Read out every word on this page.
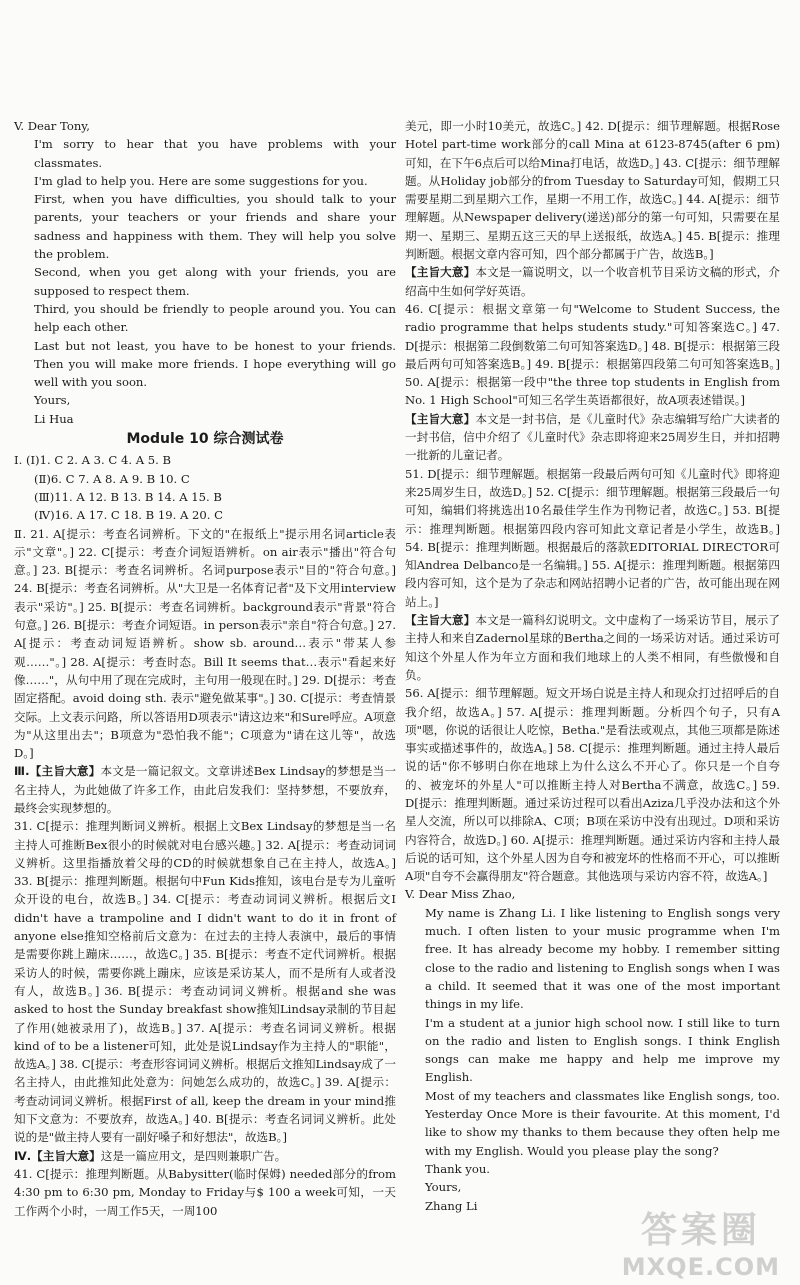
V. Dear Tony,

I'm sorry to hear that you have problems with your classmates.

I'm glad to help you. Here are some suggestions for you.

First, when you have difficulties, you should talk to your parents, your teachers or your friends and share your sadness and happiness with them. They will help you solve the problem.

Second, when you get along with your friends, you are supposed to respect them.

Third, you should be friendly to people around you. You can help each other.

Last but not least, you have to be honest to your friends. Then you will make more friends. I hope everything will go well with you soon.

Yours,

Li Hua

Module 10 综合测试卷

I. (Ⅰ)1. C 2. A 3. C 4. A 5. B

(Ⅱ)6. C 7. A 8. A 9. B 10. C

(Ⅲ)11. A 12. B 13. B 14. A 15. B

(Ⅳ)16. A 17. C 18. B 19. A 20. C

Ⅱ. 21. A[提示：考查名词辨析。下文的"在报纸上"提示用名词article表示"文章"。] 22. C[提示：考查介词短语辨析。on air表示"播出"符合句意。] 23. B[提示：考查名词辨析。名词purpose表示"目的"符合句意。] 24. B[提示：考查名词辨析。从"大卫是一名体育记者"及下文用interview表示"采访"。] 25. B[提示：考查名词辨析。background表示"背景"符合句意。] 26. B[提示：考查介词短语。in person表示"亲自"符合句意。] 27. A[提示：考查动词短语辨析。show sb. around…表示"带某人参观……"。] 28. A[提示：考查时态。Bill It seems that…表示"看起来好像……"，从句中用了现在完成时，主句用一般现在时。] 29. D[提示：考查固定搭配。avoid doing sth. 表示"避免做某事"。] 30. C[提示：考查情景交际。上文表示问路，所以答语用D项表示"请这边来"和Sure呼应。A项意为"从这里出去"；B项意为"恐怕我不能"；C项意为"请在这儿等"，故选D。]

Ⅲ.【主旨大意】本文是一篇记叙文。文章讲述Bex Lindsay的梦想是当一名主持人，为此她做了许多工作，由此启发我们：坚持梦想，不要放弃，最终会实现梦想的。

31. C[提示：推理判断词义辨析。根据上文Bex Lindsay的梦想是当一名主持人可推断Bex很小的时候就对电台感兴趣。] 32. A[提示：考查动词词义辨析。这里指播放着父母的CD的时候就想象自己在主持人，故选A。] 33. B[提示：推理判断题。根据句中Fun Kids推知，该电台是专为儿童听众开设的电台，故选B。] 34. C[提示：考查动词词义辨析。根据后文I didn't have a trampoline and I didn't want to do it in front of anyone else推知空格前后文意为：在过去的主持人表演中，最后的事情是需要你跳上蹦床……，故选C。] 35. B[提示：考查不定代词辨析。根据采访人的时候，需要你跳上蹦床，应该是采访某人，而不是所有人或者没有人，故选B。] 36. B[提示：考查动词词义辨析。根据and she was asked to host the Sunday breakfast show推知Lindsay录制的节目起了作用(她被录用了)，故选B。] 37. A[提示：考查名词词义辨析。根据kind of to be a listener可知，此处是说Lindsay作为主持人的"职能"，故选A。] 38. C[提示：考查形容词词义辨析。根据后文推知Lindsay成了一名主持人，由此推知此处意为：问她怎么成功的，故选C。] 39. A[提示：考查动词词义辨析。根据First of all, keep the dream in your mind推知下文意为：不要放弃，故选A。] 40. B[提示：考查名词词义辨析。此处说的是"做主持人要有一副好嗓子和好想法"，故选B。]

Ⅳ.【主旨大意】这是一篇应用文，是四则兼职广告。

41. C[提示：推理判断题。从Babysitter(临时保姆) needed部分的from 4:30 pm to 6:30 pm, Monday to Friday与$ 100 a week可知，一天工作两个小时，一周工作5天，一周100

美元，即一小时10美元，故选C。] 42. D[提示：细节理解题。根据Rose Hotel part-time work部分的call Mina at 6123-8745(after 6 pm)可知，在下午6点后可以给Mina打电话，故选D。] 43. C[提示：细节理解题。从Holiday job部分的from Tuesday to Saturday可知，假期工只需要星期二到星期六工作，星期一不用工作，故选C。] 44. A[提示：细节理解题。从Newspaper delivery(递送)部分的第一句可知，只需要在星期一、星期三、星期五这三天的早上送报纸，故选A。] 45. B[提示：推理判断题。根据文章内容可知，四个部分都属于广告，故选B。]

【主旨大意】本文是一篇说明文，以一个收音机节目采访文稿的形式，介绍高中生如何学好英语。

46. C[提示：根据文章第一句"Welcome to Student Success, the radio programme that helps students study."可知答案选C。] 47. D[提示：根据第二段倒数第二句可知答案选D。] 48. B[提示：根据第三段最后两句可知答案选B。] 49. B[提示：根据第四段第二句可知答案选B。] 50. A[提示：根据第一段中"the three top students in English from No. 1 High School"可知三名学生英语都很好，故A项表述错误。]

【主旨大意】本文是一封书信，是《儿童时代》杂志编辑写给广大读者的一封书信，信中介绍了《儿童时代》杂志即将迎来25周岁生日，并扣招聘一批新的儿童记者。

51. D[提示：细节理解题。根据第一段最后两句可知《儿童时代》即将迎来25周岁生日，故选D。] 52. C[提示：细节理解题。根据第三段最后一句可知，编辑们将挑选出10名最佳学生作为刊物记者，故选C。] 53. B[提示：推理判断题。根据第四段内容可知此文章记者是小学生，故选B。] 54. B[提示：推理判断题。根据最后的落款EDITORIAL DIRECTOR可知Andrea Delbanco是一名编辑。] 55. A[提示：推理判断题。根据第四段内容可知，这个是为了杂志和网站招聘小记者的广告，故可能出现在网站上。]

【主旨大意】本文是一篇科幻说明文。文中虚构了一场采访节目，展示了主持人和来自Zadernol星球的Bertha之间的一场采访对话。通过采访可知这个外星人作为年立方面和我们地球上的人类不相同，有些傲慢和自负。

56. A[提示：细节理解题。短文开场白说是主持人和现众打过招呼后的自我介绍，故选A。] 57. A[提示：推理判断题。分析四个句子，只有A项"嗯，你说的话很让人吃惊，Betha."是看法或观点，其他三项都是陈述事实或描述事件的，故选A。] 58. C[提示：推理判断题。通过主持人最后说的话"你不够明白你在地球上为什么这么不开心了。你只是一个自夸的、被宠坏的外星人"可以推断主持人对Bertha不满意，故选C。] 59. D[提示：推理判断题。通过采访过程可以看出Aziza几乎没办法和这个外星人交流，所以可以排除A、C项；B项在采访中没有出现过。D项和采访内容符合，故选D。] 60. A[提示：推理判断题。通过采访内容和主持人最后说的话可知，这个外星人因为自夸和被宠坏的性格而不开心，可以推断A项"自夸不会赢得朋友"符合题意。其他选项与采访内容不符，故选A。]

V. Dear Miss Zhao,

My name is Zhang Li. I like listening to English songs very much. I often listen to your music programme when I'm free. It has already become my hobby. I remember sitting close to the radio and listening to English songs when I was a child. It seemed that it was one of the most important things in my life.

I'm a student at a junior high school now. I still like to turn on the radio and listen to English songs. I think English songs can make me happy and help me improve my English.

Most of my teachers and classmates like English songs, too. Yesterday Once More is their favourite. At this moment, I'd like to show my thanks to them because they often help me with my English. Would you please play the song?

Thank you.

Yours,

Zhang Li

答案圈
MXQE.COM
